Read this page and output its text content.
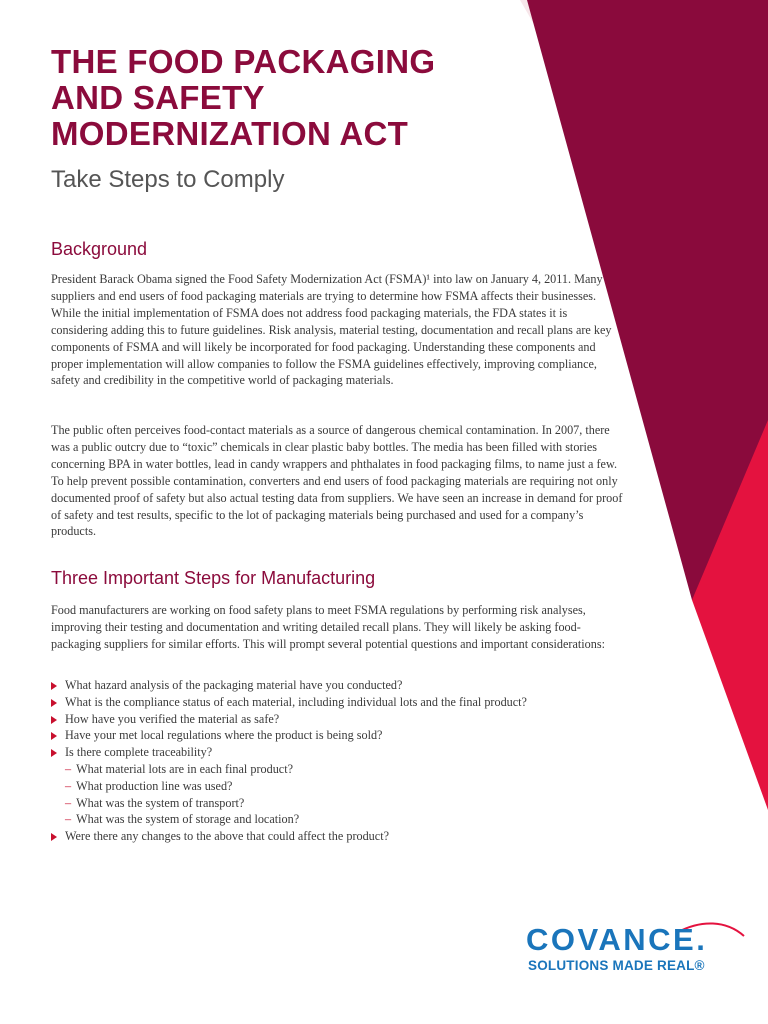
THE FOOD PACKAGING
AND SAFETY
MODERNIZATION ACT

Take Steps to Comply

Background

President Barack Obama signed the Food Safety Modernization Act (FSMA)¹ into law on January 4, 2011. Many suppliers and end users of food packaging materials are trying to determine how FSMA affects their businesses. While the initial implementation of FSMA does not address food packaging materials, the FDA states it is considering adding this to future guidelines. Risk analysis, material testing, documentation and recall plans are key components of FSMA and will likely be incorporated for food packaging. Understanding these components and proper implementation will allow companies to follow the FSMA guidelines effectively, improving compliance, safety and credibility in the competitive world of packaging materials.

The public often perceives food-contact materials as a source of dangerous chemical contamination. In 2007, there was a public outcry due to “toxic” chemicals in clear plastic baby bottles. The media has been filled with stories concerning BPA in water bottles, lead in candy wrappers and phthalates in food packaging films, to name just a few. To help prevent possible contamination, converters and end users of food packaging materials are requiring not only documented proof of safety but also actual testing data from suppliers. We have seen an increase in demand for proof of safety and test results, specific to the lot of packaging materials being purchased and used for a company’s products.

Three Important Steps for Manufacturing

Food manufacturers are working on food safety plans to meet FSMA regulations by performing risk analyses, improving their testing and documentation and writing detailed recall plans. They will likely be asking food-packaging suppliers for similar efforts. This will prompt several potential questions and important considerations:

What hazard analysis of the packaging material have you conducted?
What is the compliance status of each material, including individual lots and the final product?
How have you verified the material as safe?
Have your met local regulations where the product is being sold?
Is there complete traceability?
– What material lots are in each final product?
– What production line was used?
– What was the system of transport?
– What was the system of storage and location?
Were there any changes to the above that could affect the product?
COVANCE.
SOLUTIONS MADE REAL®
